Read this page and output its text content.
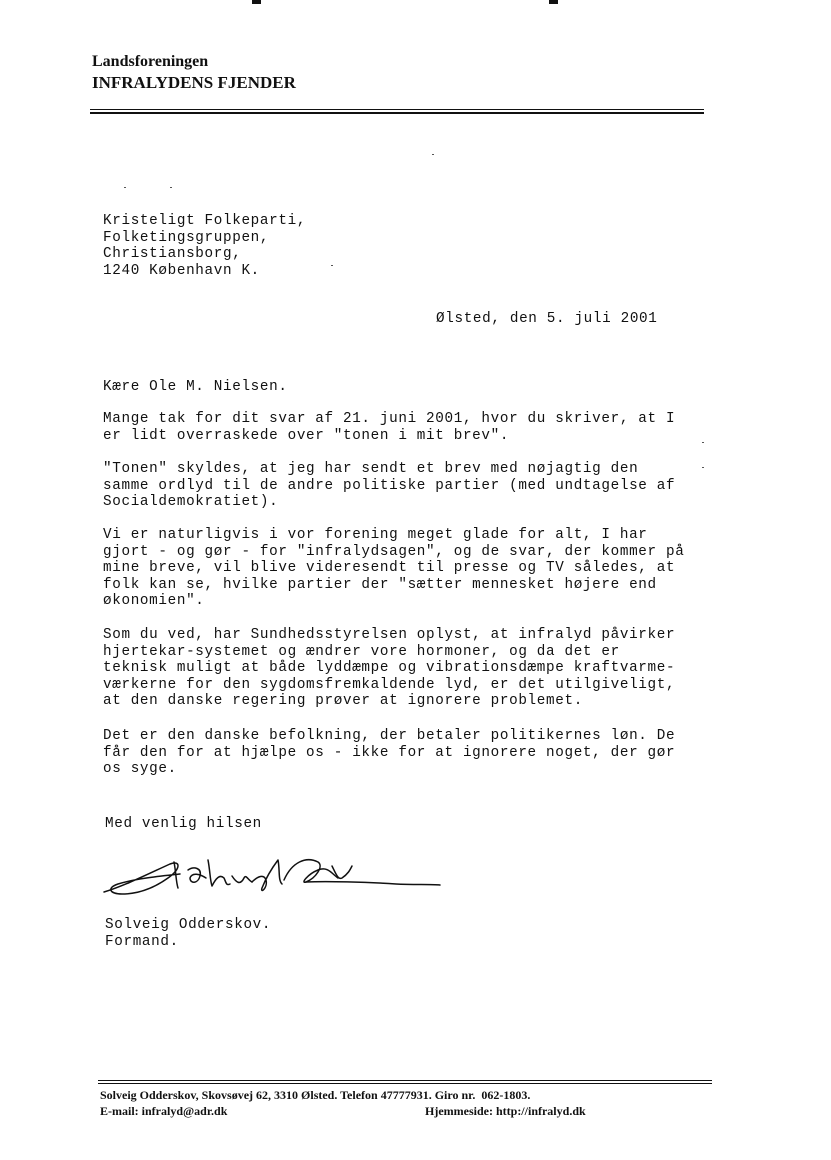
Landsforeningen
INFRALYDENS FJENDER
Kristeligt Folkeparti,
Folketingsgruppen,
Christiansborg,
1240 København K.
Ølsted, den 5. juli 2001
Kære Ole M. Nielsen.
Mange tak for dit svar af 21. juni 2001, hvor du skriver, at I
er lidt overraskede over "tonen i mit brev".
"Tonen" skyldes, at jeg har sendt et brev med nøjagtig den
samme ordlyd til de andre politiske partier (med undtagelse af
Socialdemokratiet).
Vi er naturligvis i vor forening meget glade for alt, I har
gjort - og gør - for "infralydsagen", og de svar, der kommer på
mine breve, vil blive videresendt til presse og TV således, at
folk kan se, hvilke partier der "sætter mennesket højere end
økonomien".
Som du ved, har Sundhedsstyrelsen oplyst, at infralyd påvirker
hjertekar-systemet og ændrer vore hormoner, og da det er
teknisk muligt at både lyddæmpe og vibrationsdæmpe kraftvarme-
værkerne for den sygdomsfremkaldende lyd, er det utilgiveligt,
at den danske regering prøver at ignorere problemet.
Det er den danske befolkning, der betaler politikernes løn. De
får den for at hjælpe os - ikke for at ignorere noget, der gør
os syge.
Med venlig hilsen
Solveig Odderskov.
Formand.
Solveig Odderskov, Skovsøvej 62, 3310 Ølsted. Telefon 47777931. Giro nr.  062-1803.
E-mail: infralyd@adr.dk	Hjemmeside: http://infralyd.dk
